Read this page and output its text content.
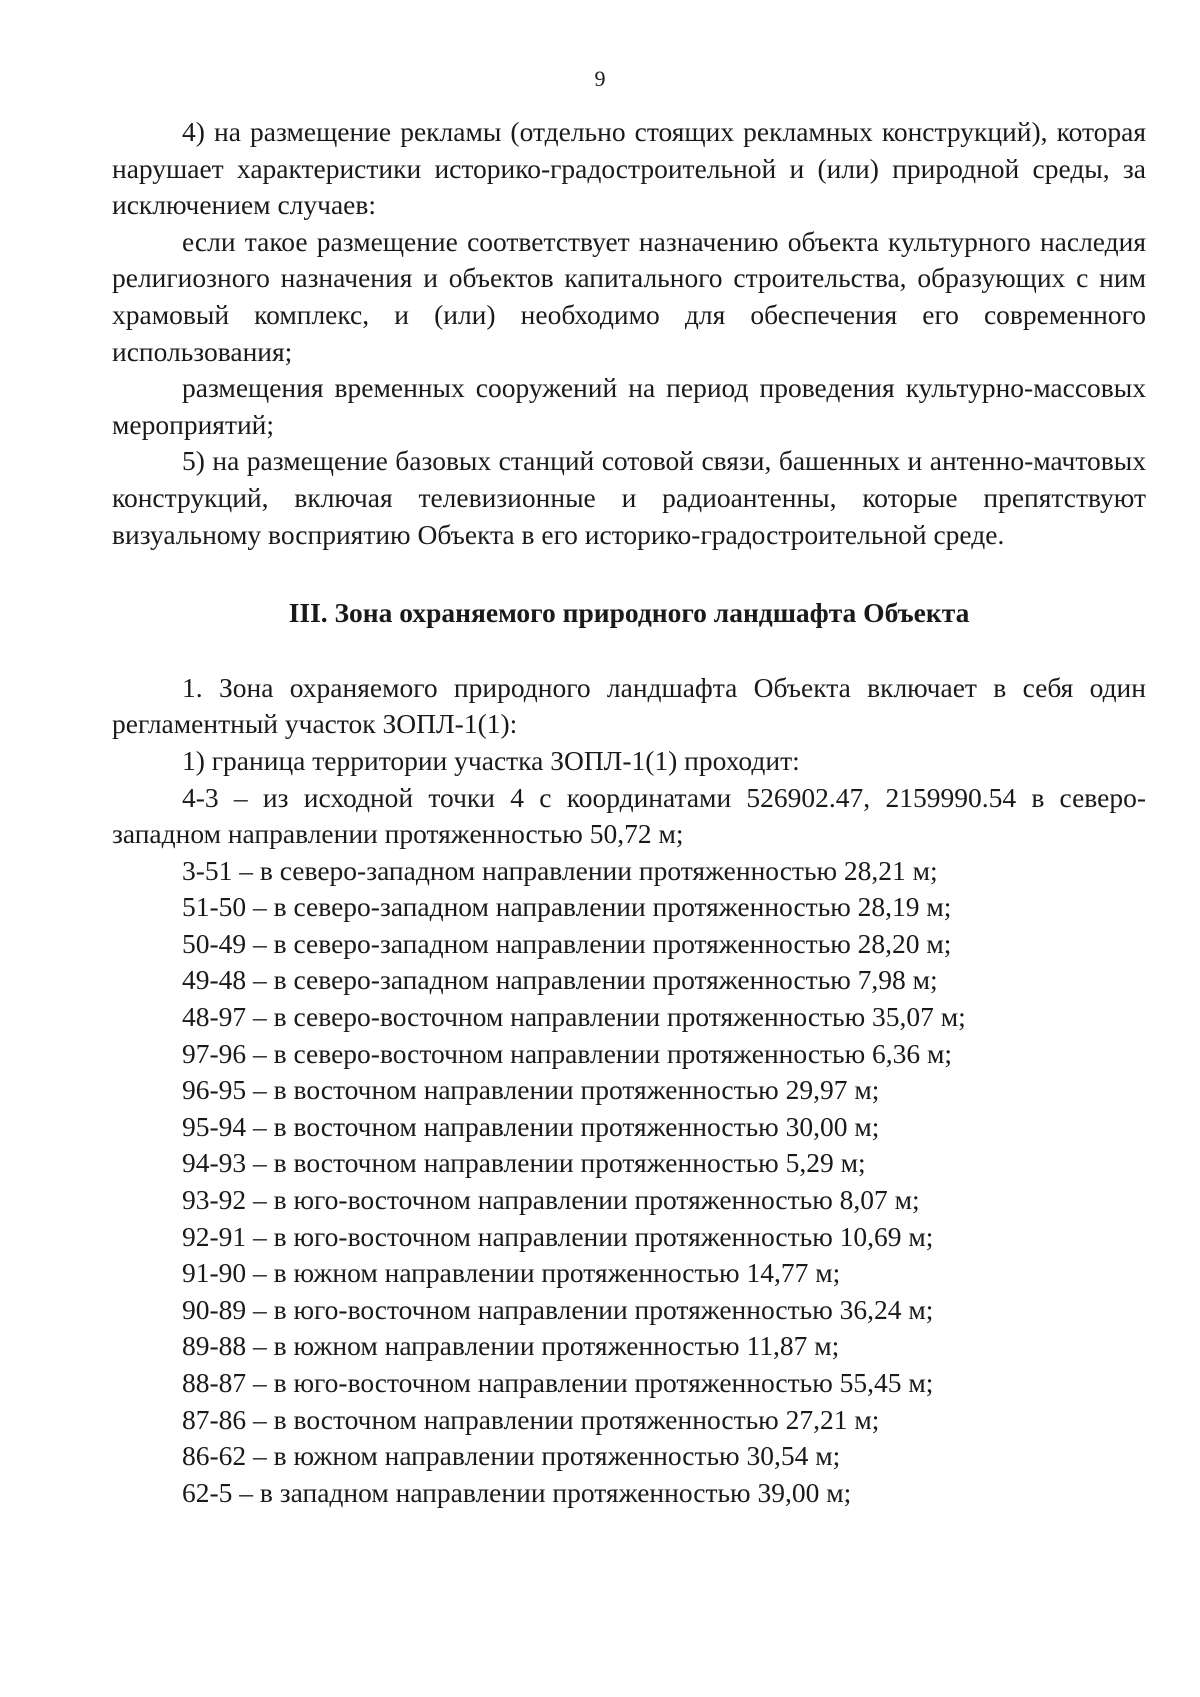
9

4) на размещение рекламы (отдельно стоящих рекламных конструкций), которая нарушает характеристики историко-градостроительной и (или) природной среды, за исключением случаев:

если такое размещение соответствует назначению объекта культурного наследия религиозного назначения и объектов капитального строительства, образующих с ним храмовый комплекс, и (или) необходимо для обеспечения его современного использования;

размещения временных сооружений на период проведения культурно-массовых мероприятий;

5) на размещение базовых станций сотовой связи, башенных и антенно-мачтовых конструкций, включая телевизионные и радиоантенны, которые препятствуют визуальному восприятию Объекта в его историко-градостроительной среде.

III. Зона охраняемого природного ландшафта Объекта

1. Зона охраняемого природного ландшафта Объекта включает в себя один регламентный участок ЗОПЛ-1(1):

1) граница территории участка ЗОПЛ-1(1) проходит:

4-3 – из исходной точки 4 с координатами 526902.47, 2159990.54 в северо-западном направлении протяженностью 50,72 м;

3-51 – в северо-западном направлении протяженностью 28,21 м;
51-50 – в северо-западном направлении протяженностью 28,19 м;
50-49 – в северо-западном направлении протяженностью 28,20 м;
49-48 – в северо-западном направлении протяженностью 7,98 м;
48-97 – в северо-восточном направлении протяженностью 35,07 м;
97-96 – в северо-восточном направлении протяженностью 6,36 м;
96-95 – в восточном направлении протяженностью 29,97 м;
95-94 – в восточном направлении протяженностью 30,00 м;
94-93 – в восточном направлении протяженностью 5,29 м;
93-92 – в юго-восточном направлении протяженностью 8,07 м;
92-91 – в юго-восточном направлении протяженностью 10,69 м;
91-90 – в южном направлении протяженностью 14,77 м;
90-89 – в юго-восточном направлении протяженностью 36,24 м;
89-88 – в южном направлении протяженностью 11,87 м;
88-87 – в юго-восточном направлении протяженностью 55,45 м;
87-86 – в восточном направлении протяженностью 27,21 м;
86-62 – в южном направлении протяженностью 30,54 м;
62-5 – в западном направлении протяженностью 39,00 м;
